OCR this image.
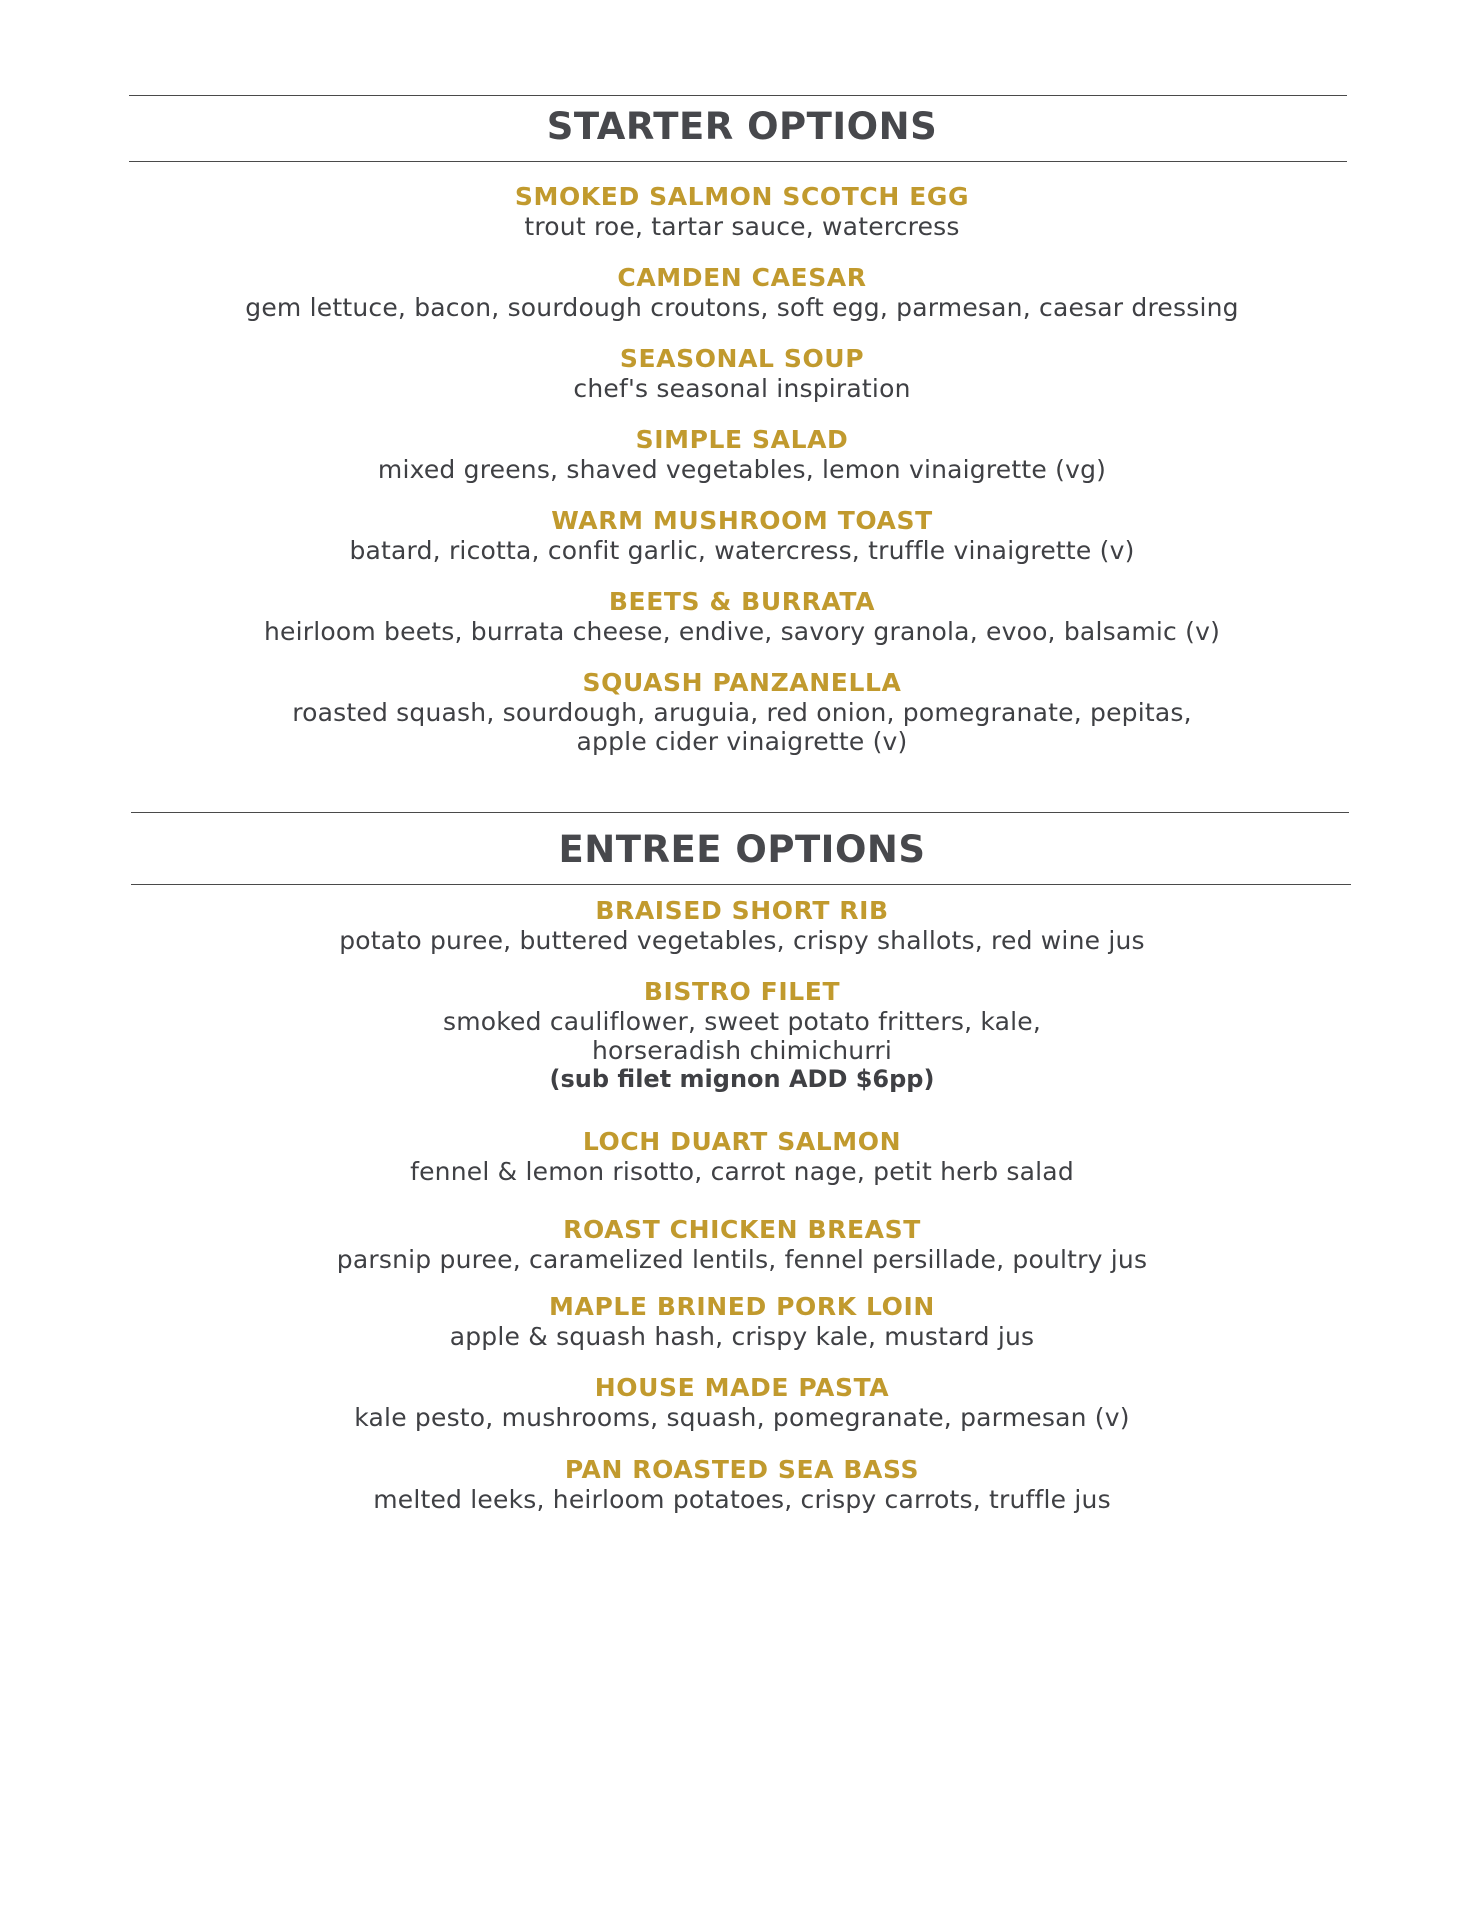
STARTER OPTIONS
SMOKED SALMON SCOTCH EGG
trout roe, tartar sauce, watercress
CAMDEN CAESAR
gem lettuce, bacon, sourdough croutons, soft egg, parmesan, caesar dressing
SEASONAL SOUP
chef's seasonal inspiration
SIMPLE SALAD
mixed greens, shaved vegetables, lemon vinaigrette (vg)
WARM MUSHROOM TOAST
batard, ricotta, confit garlic, watercress, truffle vinaigrette (v)
BEETS & BURRATA
heirloom beets, burrata cheese, endive, savory granola, evoo, balsamic (v)
SQUASH PANZANELLA
roasted squash, sourdough, aruguia, red onion, pomegranate, pepitas,
apple cider vinaigrette (v)
ENTREE OPTIONS
BRAISED SHORT RIB
potato puree, buttered vegetables, crispy shallots, red wine jus
BISTRO FILET
smoked cauliflower, sweet potato fritters, kale,
horseradish chimichurri
(sub filet mignon ADD $6pp)
LOCH DUART SALMON
fennel & lemon risotto, carrot nage, petit herb salad
ROAST CHICKEN BREAST
parsnip puree, caramelized lentils, fennel persillade, poultry jus
MAPLE BRINED PORK LOIN
apple & squash hash, crispy kale, mustard jus
HOUSE MADE PASTA
kale pesto, mushrooms, squash, pomegranate, parmesan (v)
PAN ROASTED SEA BASS
melted leeks, heirloom potatoes, crispy carrots, truffle jus
